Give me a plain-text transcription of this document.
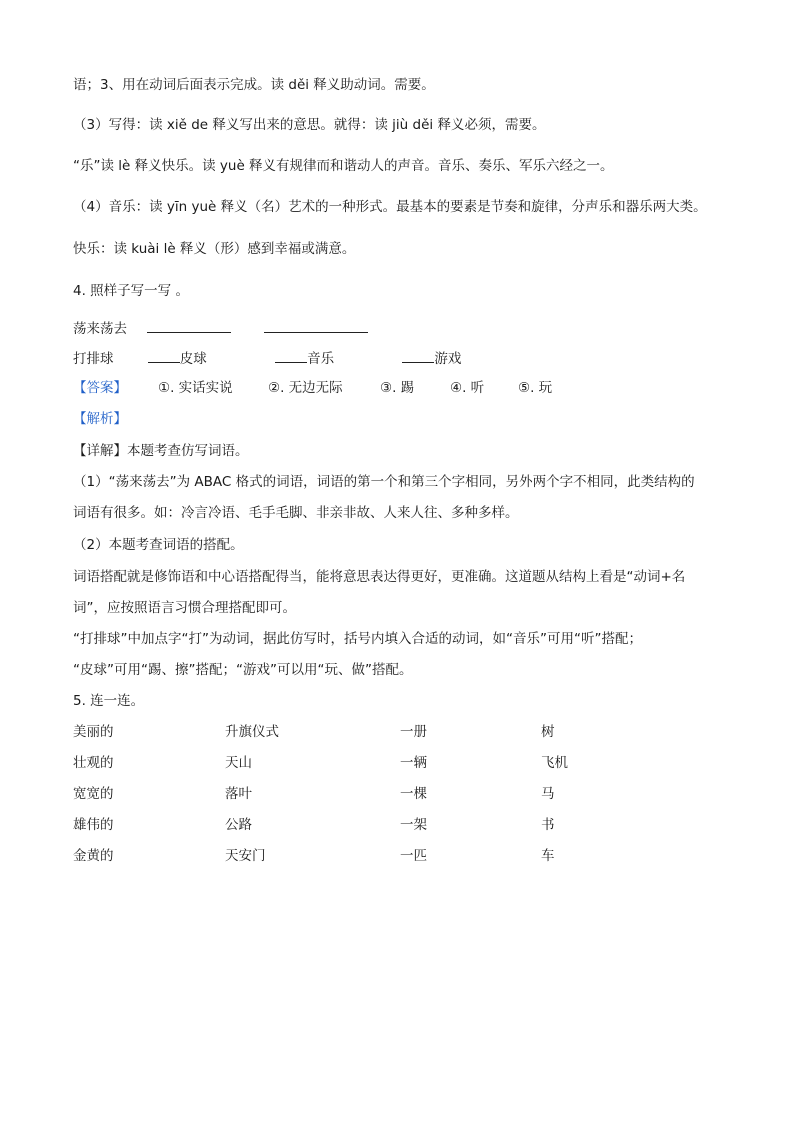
语；3、用在动词后面表示完成。读 děi 释义助动词。需要。
（3）写得：读 xiě de 释义写出来的意思。就得：读 jiù děi 释义必须，需要。
“乐”读 lè 释义快乐。读 yuè 释义有规律而和谐动人的声音。音乐、奏乐、军乐六经之一。
（4）音乐：读 yīn yuè 释义（名）艺术的一种形式。最基本的要素是节奏和旋律，分声乐和器乐两大类。
快乐：读 kuài lè 释义（形）感到幸福或满意。
4. 照样子写一写 。
荡来荡去
打排球	皮球	音乐	游戏
【答案】 ①. 实话实说	②. 无边无际	③. 踢	④. 听	⑤. 玩
【解析】
【详解】本题考查仿写词语。
（1）“荡来荡去”为 ABAC 格式的词语，词语的第一个和第三个字相同，另外两个字不相同，此类结构的
词语有很多。如：冷言冷语、毛手毛脚、非亲非故、人来人往、多种多样。
（2）本题考查词语的搭配。
词语搭配就是修饰语和中心语搭配得当，能将意思表达得更好，更准确。这道题从结构上看是“动词+名
词”，应按照语言习惯合理搭配即可。
“打排球”中加点字“打”为动词，据此仿写时，括号内填入合适的动词，如“音乐”可用“听”搭配；
“皮球”可用“踢、擦”搭配；“游戏”可以用“玩、做”搭配。
5. 连一连。
美丽的	升旗仪式	一册	树
壮观的	天山	一辆	飞机
宽宽的	落叶	一棵	马
雄伟的	公路	一架	书
金黄的	天安门	一匹	车
